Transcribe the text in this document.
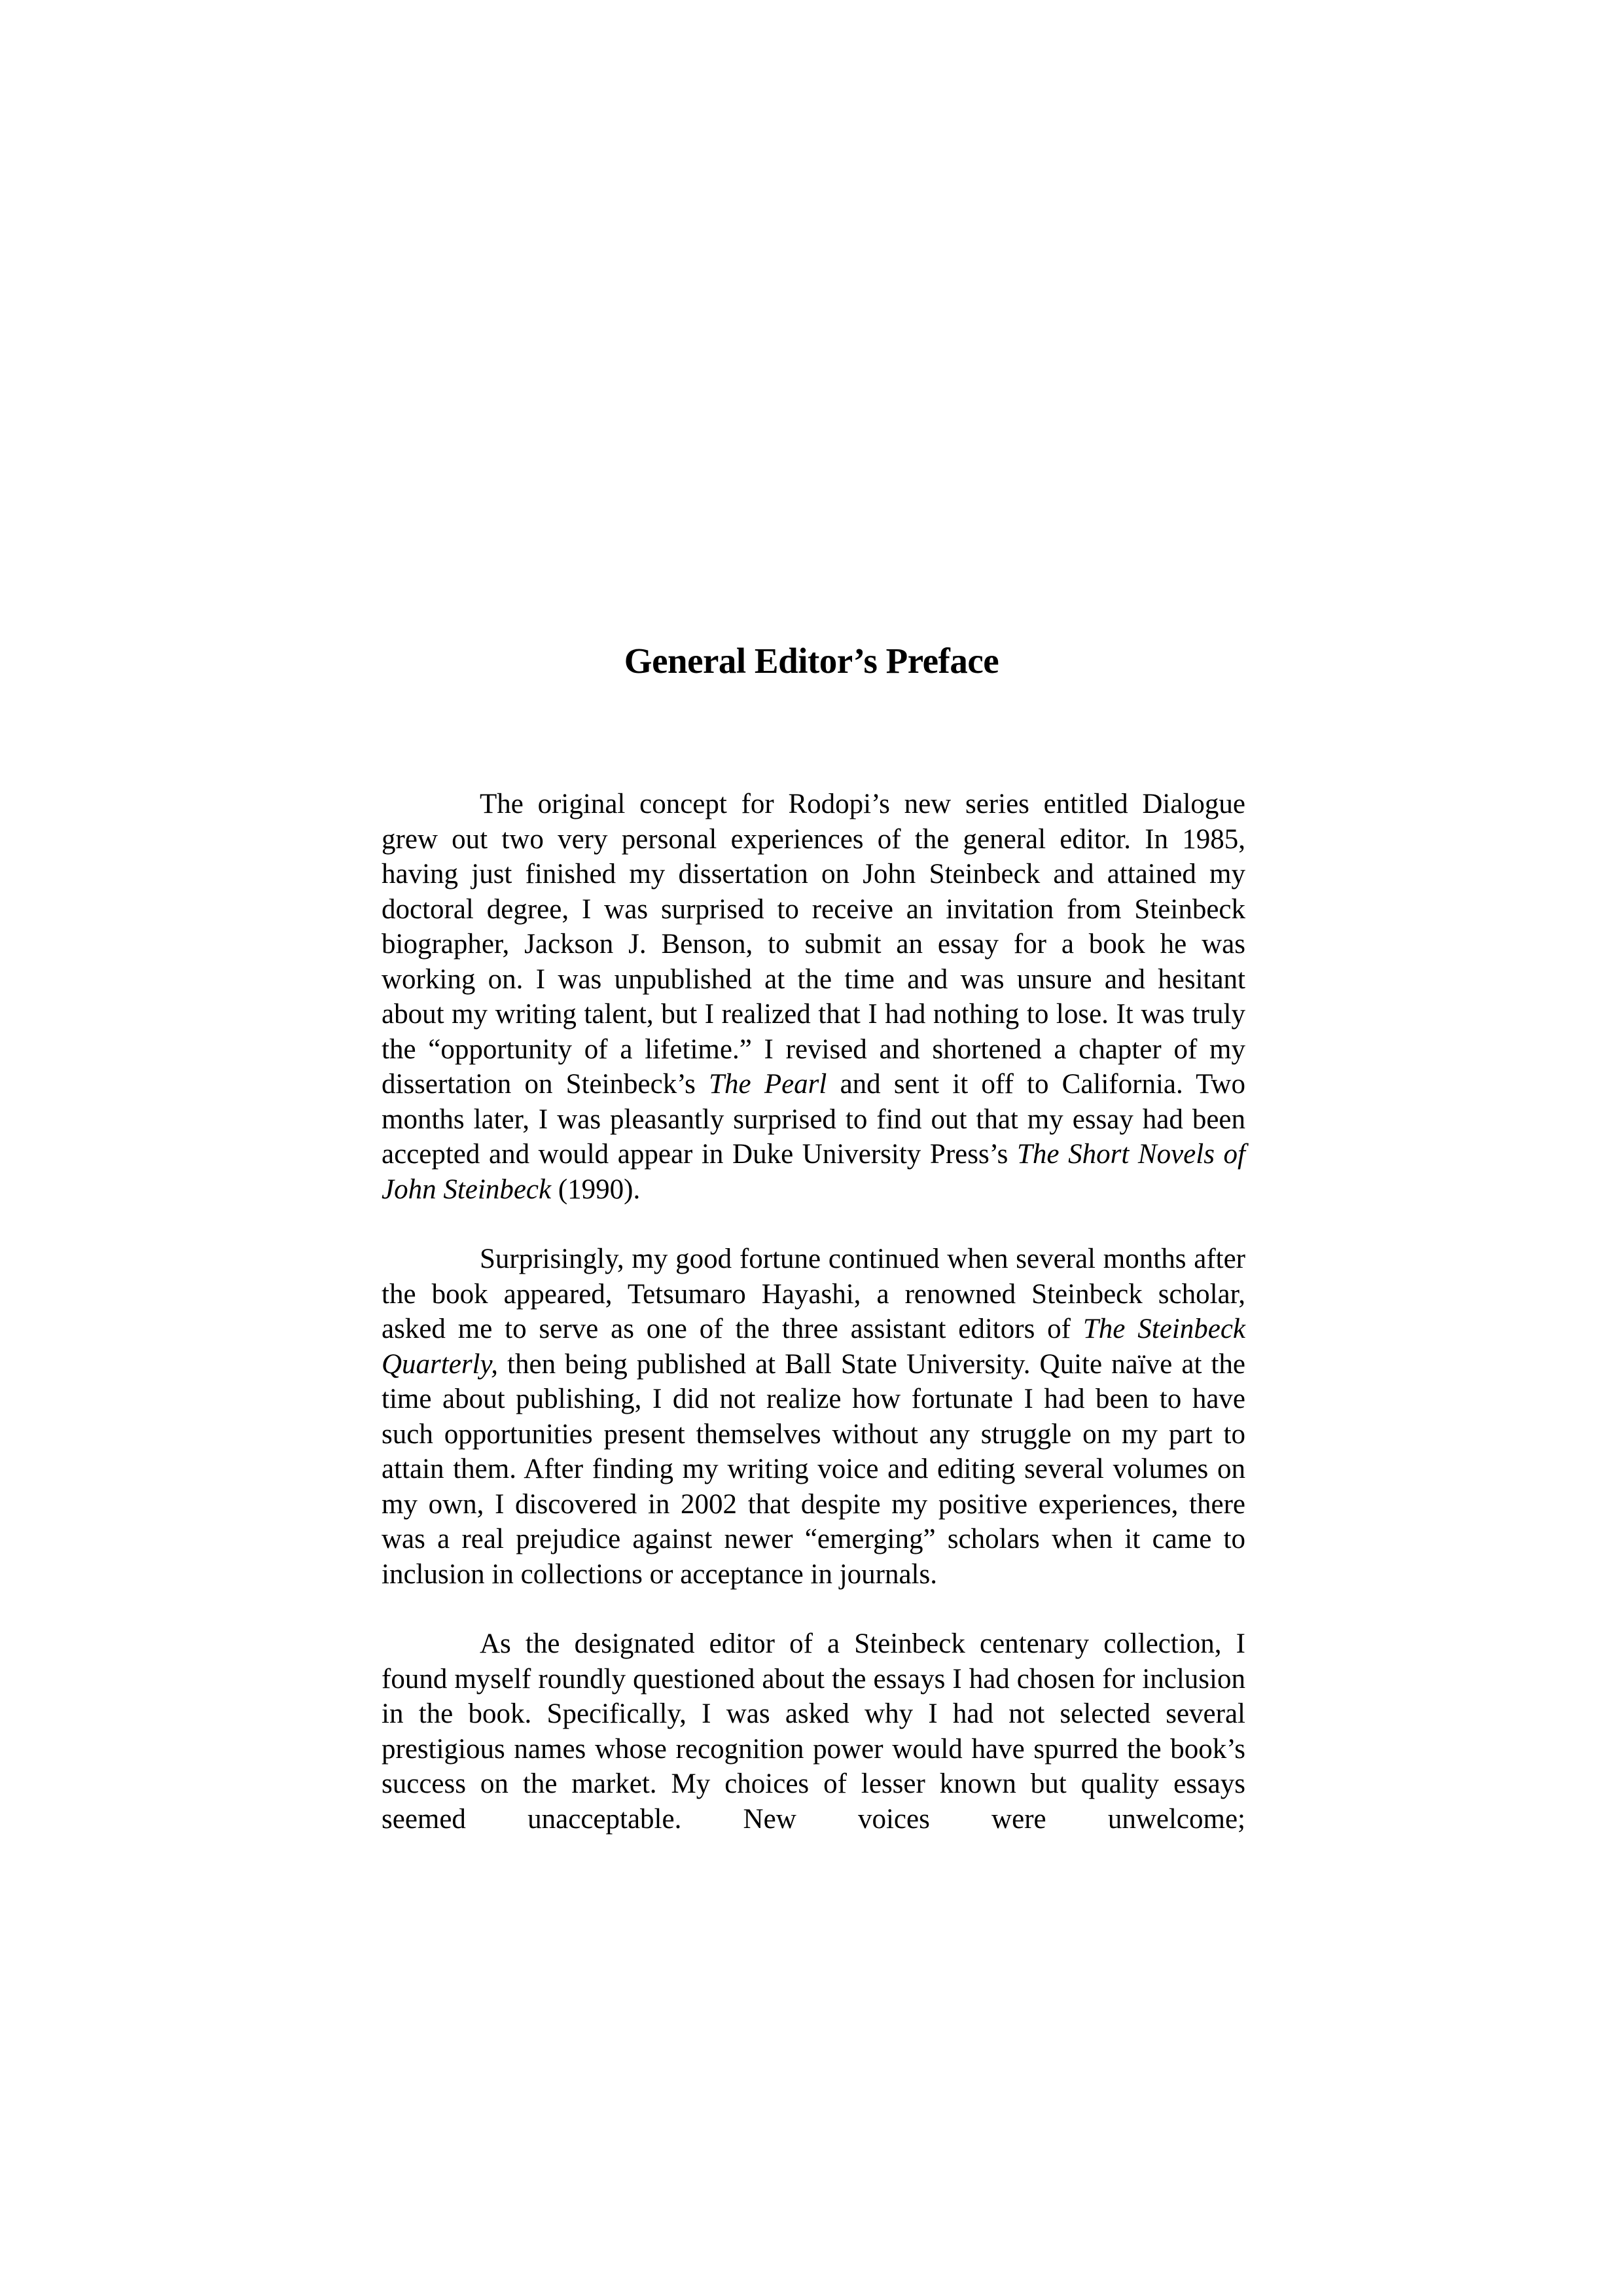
General Editor’s Preface

The original concept for Rodopi’s new series entitled Dialogue grew out two very personal experiences of the general editor. In 1985, having just finished my dissertation on John Steinbeck and attained my doctoral degree, I was surprised to receive an invitation from Steinbeck biographer, Jackson J. Benson, to submit an essay for a book he was working on. I was unpublished at the time and was unsure and hesitant about my writing talent, but I realized that I had nothing to lose. It was truly the “opportunity of a lifetime.” I revised and shortened a chapter of my dissertation on Steinbeck’s The Pearl and sent it off to California. Two months later, I was pleasantly surprised to find out that my essay had been accepted and would appear in Duke University Press’s The Short Novels of John Steinbeck (1990).

Surprisingly, my good fortune continued when several months after the book appeared, Tetsumaro Hayashi, a renowned Steinbeck scholar, asked me to serve as one of the three assistant editors of The Steinbeck Quarterly, then being published at Ball State University. Quite naïve at the time about publishing, I did not realize how fortunate I had been to have such opportunities present themselves without any struggle on my part to attain them. After finding my writing voice and editing several volumes on my own, I discovered in 2002 that despite my positive experiences, there was a real prejudice against newer “emerging” scholars when it came to inclusion in collections or acceptance in journals.

As the designated editor of a Steinbeck centenary collection, I found myself roundly questioned about the essays I had chosen for inclusion in the book. Specifically, I was asked why I had not selected several prestigious names whose recognition power would have spurred the book’s success on the market. My choices of lesser known but quality essays seemed unacceptable. New voices were unwelcome;
